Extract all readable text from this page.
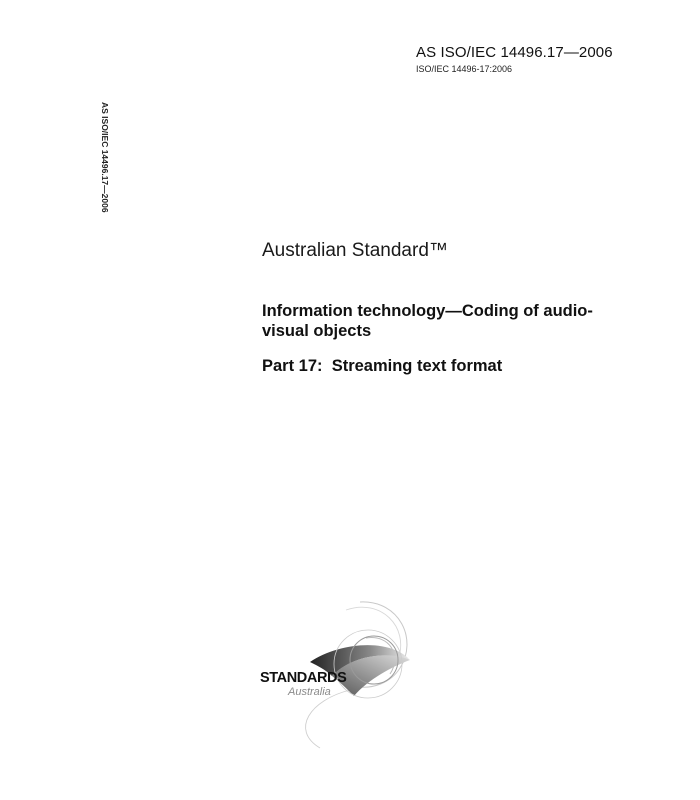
AS ISO/IEC 14496.17—2006
ISO/IEC 14496-17:2006
AS ISO/IEC 14496.17—2006
Australian Standard™
Information technology—Coding of audio-visual objects
Part 17:  Streaming text format
STANDARDS
Australia
